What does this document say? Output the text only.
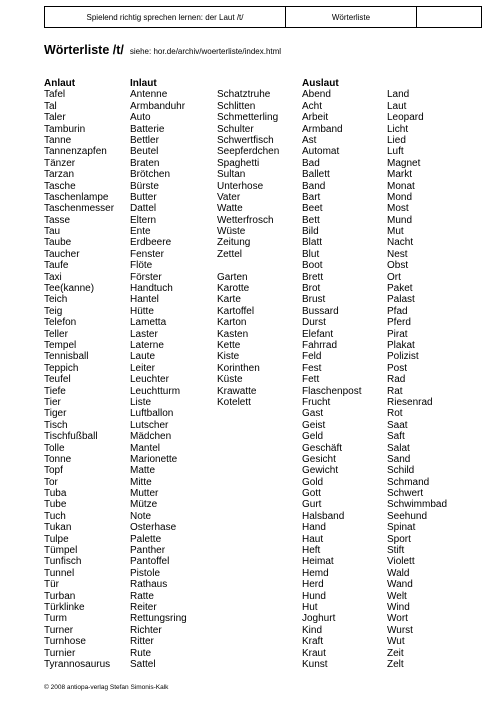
Spielend richtig sprechen lernen: der Laut /t/	Wörterliste	
Wörterliste /t/ siehe: hor.de/archiv/woerterliste/index.html
Anlaut
Tafel
Tal
Taler
Tamburin
Tanne
Tannenzapfen
Tänzer
Tarzan
Tasche
Taschenlampe
Taschenmesser
Tasse
Tau
Taube
Taucher
Taufe
Taxi
Tee(kanne)
Teich
Teig
Telefon
Teller
Tempel
Tennisball
Teppich
Teufel
Tiefe
Tier
Tiger
Tisch
Tischfußball
Tolle
Tonne
Topf
Tor
Tuba
Tube
Tuch
Tukan
Tulpe
Tümpel
Tunfisch
Tunnel
Tür
Turban
Türklinke
Turm
Turner
Turnhose
Turnier
Tyrannosaurus
Inlaut
Antenne
Armbanduhr
Auto
Batterie
Bettler
Beutel
Braten
Brötchen
Bürste
Butter
Dattel
Eltern
Ente
Erdbeere
Fenster
Flöte
Förster
Handtuch
Hantel
Hütte
Lametta
Laster
Laterne
Laute
Leiter
Leuchter
Leuchtturm
Liste
Luftballon
Lutscher
Mädchen
Mantel
Marionette
Matte
Mitte
Mutter
Mütze
Note
Osterhase
Palette
Panther
Pantoffel
Pistole
Rathaus
Ratte
Reiter
Rettungsring
Richter
Ritter
Rute
Sattel
Schatztruhe
Schlitten
Schmetterling
Schulter
Schwertfisch
Seepferdchen
Spaghetti
Sultan
Unterhose
Vater
Watte
Wetterfrosch
Wüste
Zeitung
Zettel
Garten
Karotte
Karte
Kartoffel
Karton
Kasten
Kette
Kiste
Korinthen
Küste
Krawatte
Kotelett
Auslaut
Abend
Acht
Arbeit
Armband
Ast
Automat
Bad
Ballett
Band
Bart
Beet
Bett
Bild
Blatt
Blut
Boot
Brett
Brot
Brust
Bussard
Durst
Elefant
Fahrrad
Feld
Fest
Fett
Flaschenpost
Frucht
Gast
Geist
Geld
Geschäft
Gesicht
Gewicht
Gold
Gott
Gurt
Halsband
Hand
Haut
Heft
Heimat
Hemd
Herd
Hund
Hut
Joghurt
Kind
Kraft
Kraut
Kunst
Land
Laut
Leopard
Licht
Lied
Luft
Magnet
Markt
Monat
Mond
Most
Mund
Mut
Nacht
Nest
Obst
Ort
Paket
Palast
Pfad
Pferd
Pirat
Plakat
Polizist
Post
Rad
Rat
Riesenrad
Rot
Saat
Saft
Salat
Sand
Schild
Schmand
Schwert
Schwimmbad
Seehund
Spinat
Sport
Stift
Violett
Wald
Wand
Welt
Wind
Wort
Wurst
Wut
Zeit
Zelt
© 2008 antiopa-verlag Stefan Simonis-Kalk
